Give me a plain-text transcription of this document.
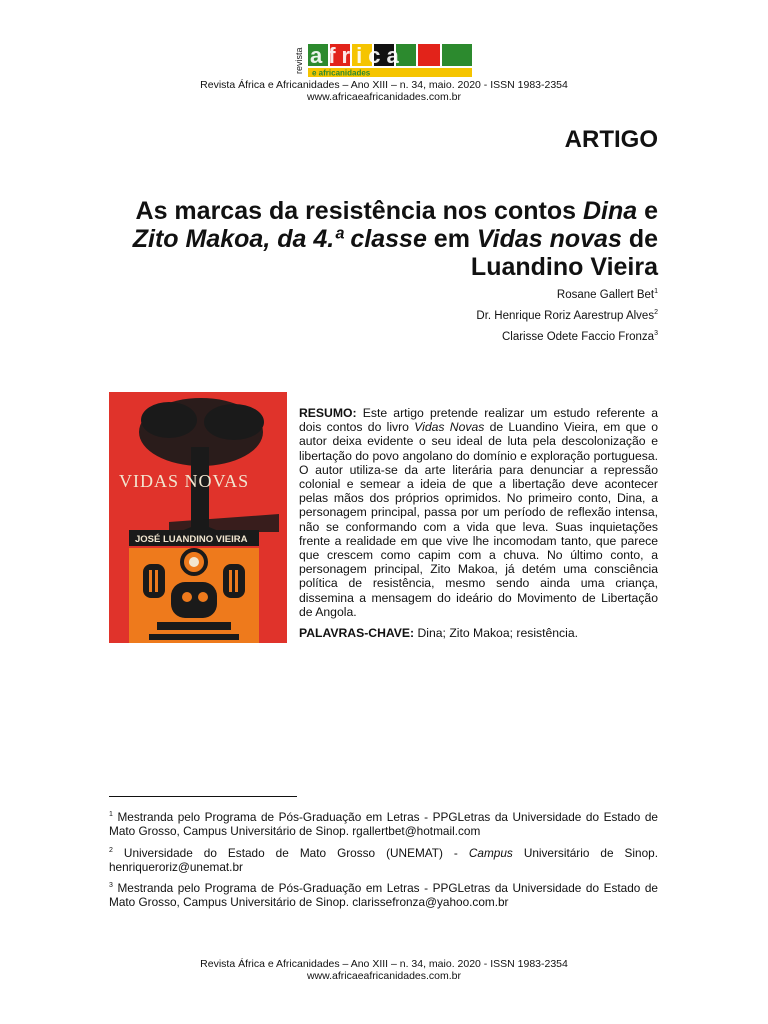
revista africa
e africanidades
Revista África e Africanidades – Ano XIII – n. 34, maio. 2020 - ISSN 1983-2354
www.africaeafricanidades.com.br
ARTIGO
As marcas da resistência nos contos Dina e
Zito Makoa, da 4.ª classe em Vidas novas de
Luandino Vieira
Rosane Gallert Bet$^1$
Dr. Henrique Roriz Aarestrup Alves$^2$
Clarisse Odete Faccio Fronza$^3$
VIDAS NOVAS
JOSÉ LUANDINO VIEIRA
RESUMO: Este artigo pretende realizar um estudo referente a dois contos do livro Vidas Novas de Luandino Vieira, em que o autor deixa evidente o seu ideal de luta pela descolonização e libertação do povo angolano do domínio e exploração portuguesa. O autor utiliza-se da arte literária para denunciar a repressão colonial e semear a ideia de que a libertação deve acontecer pelas mãos dos próprios oprimidos. No primeiro conto, Dina, a personagem principal, passa por um período de reflexão intensa, não se conformando com a vida que leva. Suas inquietações frente a realidade em que vive lhe incomodam tanto, que parece que crescem como capim com a chuva. No último conto, a personagem principal, Zito Makoa, já detém uma consciência política de resistência, mesmo sendo ainda uma criança, dissemina a mensagem do ideário do Movimento de Libertação de Angola.
PALAVRAS-CHAVE: Dina; Zito Makoa; resistência.
$^1$ Mestranda pelo Programa de Pós-Graduação em Letras - PPGLetras da Universidade do Estado de Mato Grosso, Campus Universitário de Sinop. rgallertbet@hotmail.com
$^2$ Universidade do Estado de Mato Grosso (UNEMAT) - Campus Universitário de Sinop. henriqueroriz@unemat.br
$^3$ Mestranda pelo Programa de Pós-Graduação em Letras - PPGLetras da Universidade do Estado de Mato Grosso, Campus Universitário de Sinop. clarissefronza@yahoo.com.br
Revista África e Africanidades – Ano XIII – n. 34, maio. 2020 - ISSN 1983-2354
www.africaeafricanidades.com.br
